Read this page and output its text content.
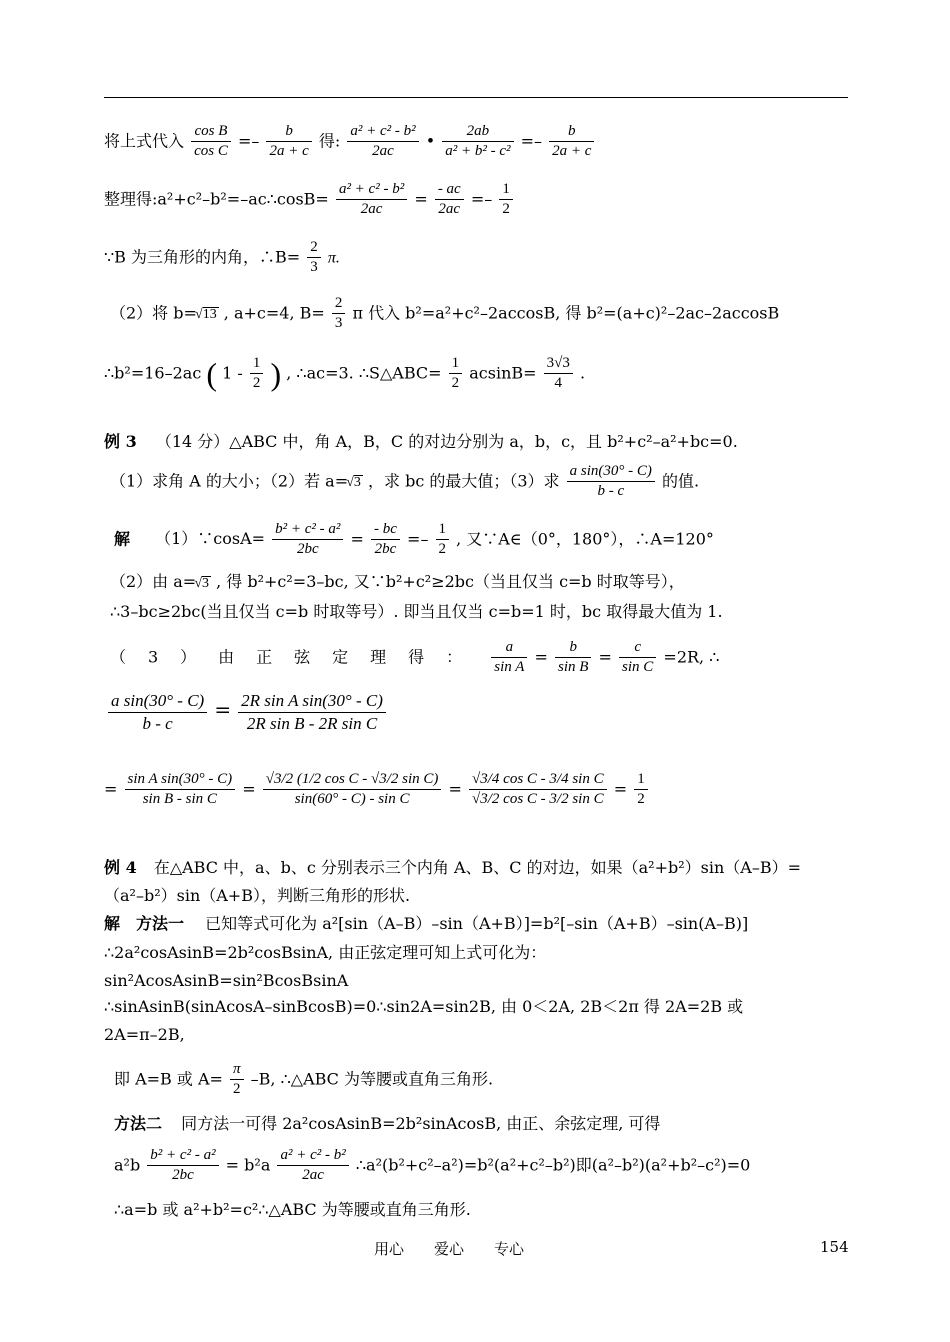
将上式代入 $\frac{\text{cos B}}{\text{cos C}} =- \frac{b}{2a + c}$ 得: $\frac{\text{a² + c² - b²}}{2ac}$ • $\frac{2ab}{\text{a² + b² - c²}} =- \frac{b}{2a + c}$
整理得:a²+c²–b²=–ac∴cosB= $\frac{\text{a² + c² - b²}}{2ac} = \frac{- ac}{2ac} =- \frac{1}{2}$
∵B 为三角形的内角，∴B= $\frac{2}{3} \pi$.
（2）将 b= √ 13 , a+c=4, $B= \frac{2}{3}$ π 代入 b²=a²+c²–2accosB, 得 b²=(a+c)²–2ac–2accosB
∴b²=16–2ac ( $1 - \frac{1}{2}$ ) , ∴ac=3. ∴S△ABC= $\frac{1}{2} acsinB= \frac{3√3}{4}$ .
例 3 （14 分）△ABC 中，角 A，B，C 的对边分别为 a，b，c，且 b²+c²–a²+bc=0.
（1）求角 A 的大小；（2）若 a= √ 3 ，求 bc 的最大值；（3）求 $\frac{\text{a sin(30° - C)}}{b - c}$ 的值.
解 （1）∵cosA= $\frac{\text{b² + c² - a²}}{2bc} = \frac{- bc}{2bc} =- \frac{1}{2}$ , 又∵A∈（0°，180°），∴A=120°
（2）由 a= √ 3 , 得 b²+c²=3–bc, 又∵b²+c²≥2bc（当且仅当 c=b 时取等号），
∴3–bc≥2bc(当且仅当 c=b 时取等号）. 即当且仅当 c=b=1 时，bc 取得最大值为 1.
（3）由正弦定理得： $\frac{a}{\text{sin A}} = \frac{b}{\text{sin B}} = \frac{c}{\text{sin C}} =2R$, ∴
$\frac{\text{a sin(30° - C)}}{b - c} = \frac{\text{2R sin A sin(30° - C)}}{\text{2R sin B - 2R sin C}}$
= $\frac{\text{sin A sin(30° - C)}}{\text{sin B - sin C}} = \frac{\text{√3/2 (1/2 cos C - √3/2 sin C)}}{\text{sin(60° - C) - sin C}} = \frac{\text{√3/4 cos C - 3/4 sin C}}{\text{√3/2 cos C - 3/2 sin C}} = \frac{1}{2}$
例 4 在△ABC 中，a、b、c 分别表示三个内角 A、B、C 的对边，如果（a²+b²）sin（A–B）=
（a²–b²）sin（A+B），判断三角形的形状.
解　方法一 已知等式可化为 a²[sin（A–B）–sin（A+B）]=b²[–sin（A+B）–sin(A–B)]
∴2a²cosAsinB=2b²cosBsinA, 由正弦定理可知上式可化为：
sin²AcosAsinB=sin²BcosBsinA
∴sinAsinB(sinAcosA–sinBcosB)=0∴sin2A=sin2B, 由 0＜2A, 2B＜2π 得 2A=2B 或
2A=π–2B,
即 A=B 或 $A= \frac{\pi}{2} -B$, ∴△ABC 为等腰或直角三角形.
方法二 同方法一可得 2a²cosAsinB=2b²sinAcosB, 由正、余弦定理, 可得
$a^2b \frac{\text{b² + c² - a²}}{2bc} = b^2a \frac{\text{a² + c² - b²}}{2ac}$ ∴a²(b²+c²–a²)=b²(a²+c²–b²)即(a²–b²)(a²+b²–c²)=0
∴a=b 或 a²+b²=c²∴△ABC 为等腰或直角三角形.
用心　　爱心　　专心	154
